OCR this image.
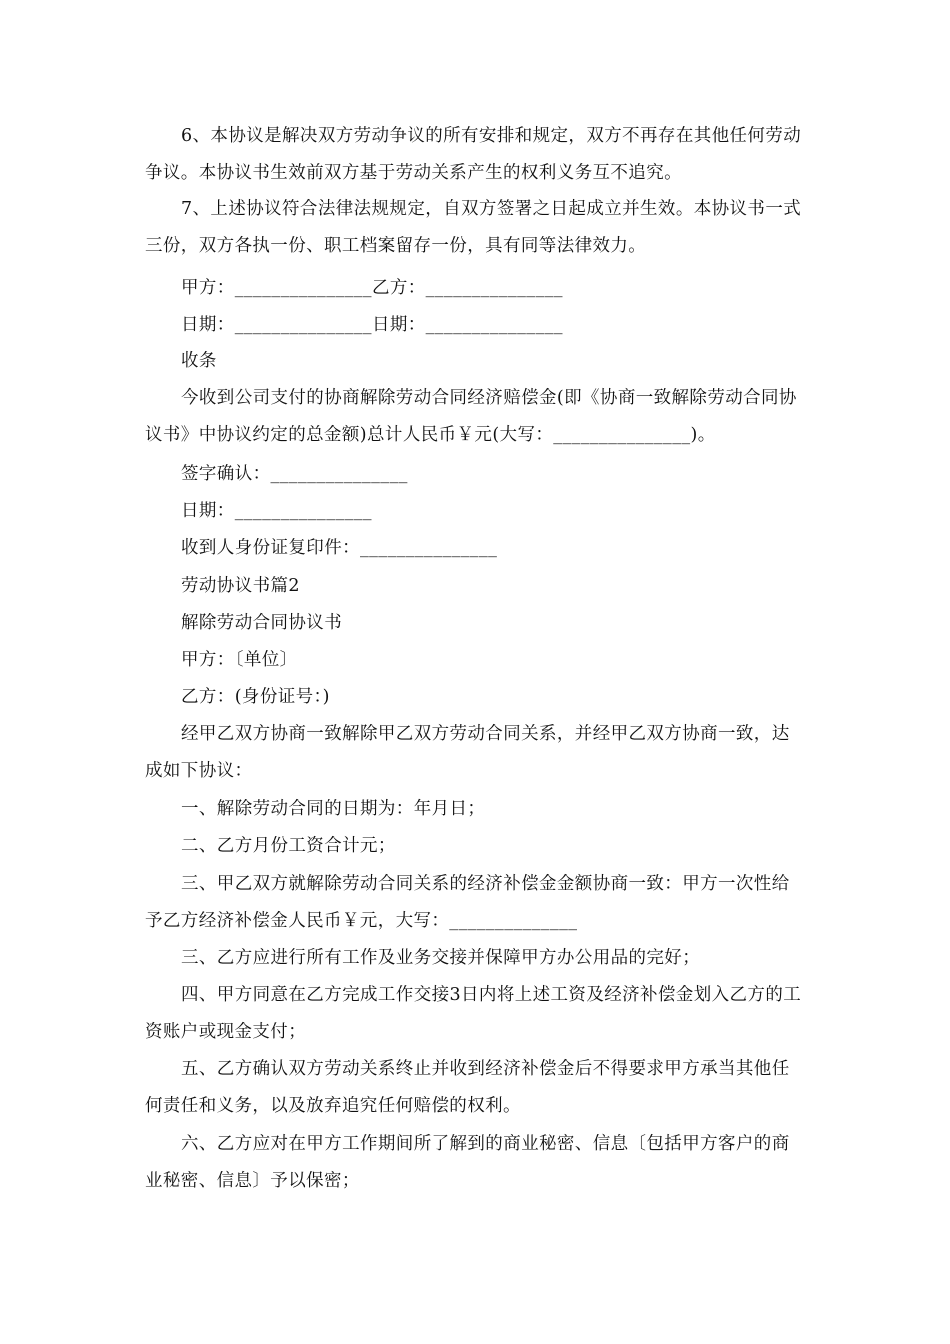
6、本协议是解决双方劳动争议的所有安排和规定，双方不再存在其他任何劳动争议。本协议书生效前双方基于劳动关系产生的权利义务互不追究。

7、上述协议符合法律法规规定，自双方签署之日起成立并生效。本协议书一式三份，双方各执一份、职工档案留存一份，具有同等法律效力。

甲方：_______________乙方：_______________

日期：_______________日期：_______________

收条

今收到公司支付的协商解除劳动合同经济赔偿金(即《协商一致解除劳动合同协议书》中协议约定的总金额)总计人民币￥元(大写：_______________)。

签字确认：_______________

日期：_______________

收到人身份证复印件：_______________

劳动协议书篇2

解除劳动合同协议书

甲方：〔单位〕

乙方：(身份证号：)

经甲乙双方协商一致解除甲乙双方劳动合同关系，并经甲乙双方协商一致，达成如下协议：

一、解除劳动合同的日期为：年月日；

二、乙方月份工资合计元；

三、甲乙双方就解除劳动合同关系的经济补偿金金额协商一致：甲方一次性给予乙方经济补偿金人民币￥元，大写：______________

三、乙方应进行所有工作及业务交接并保障甲方办公用品的完好；

四、甲方同意在乙方完成工作交接3日内将上述工资及经济补偿金划入乙方的工资账户或现金支付；

五、乙方确认双方劳动关系终止并收到经济补偿金后不得要求甲方承当其他任何责任和义务，以及放弃追究任何赔偿的权利。

六、乙方应对在甲方工作期间所了解到的商业秘密、信息〔包括甲方客户的商业秘密、信息〕予以保密；
